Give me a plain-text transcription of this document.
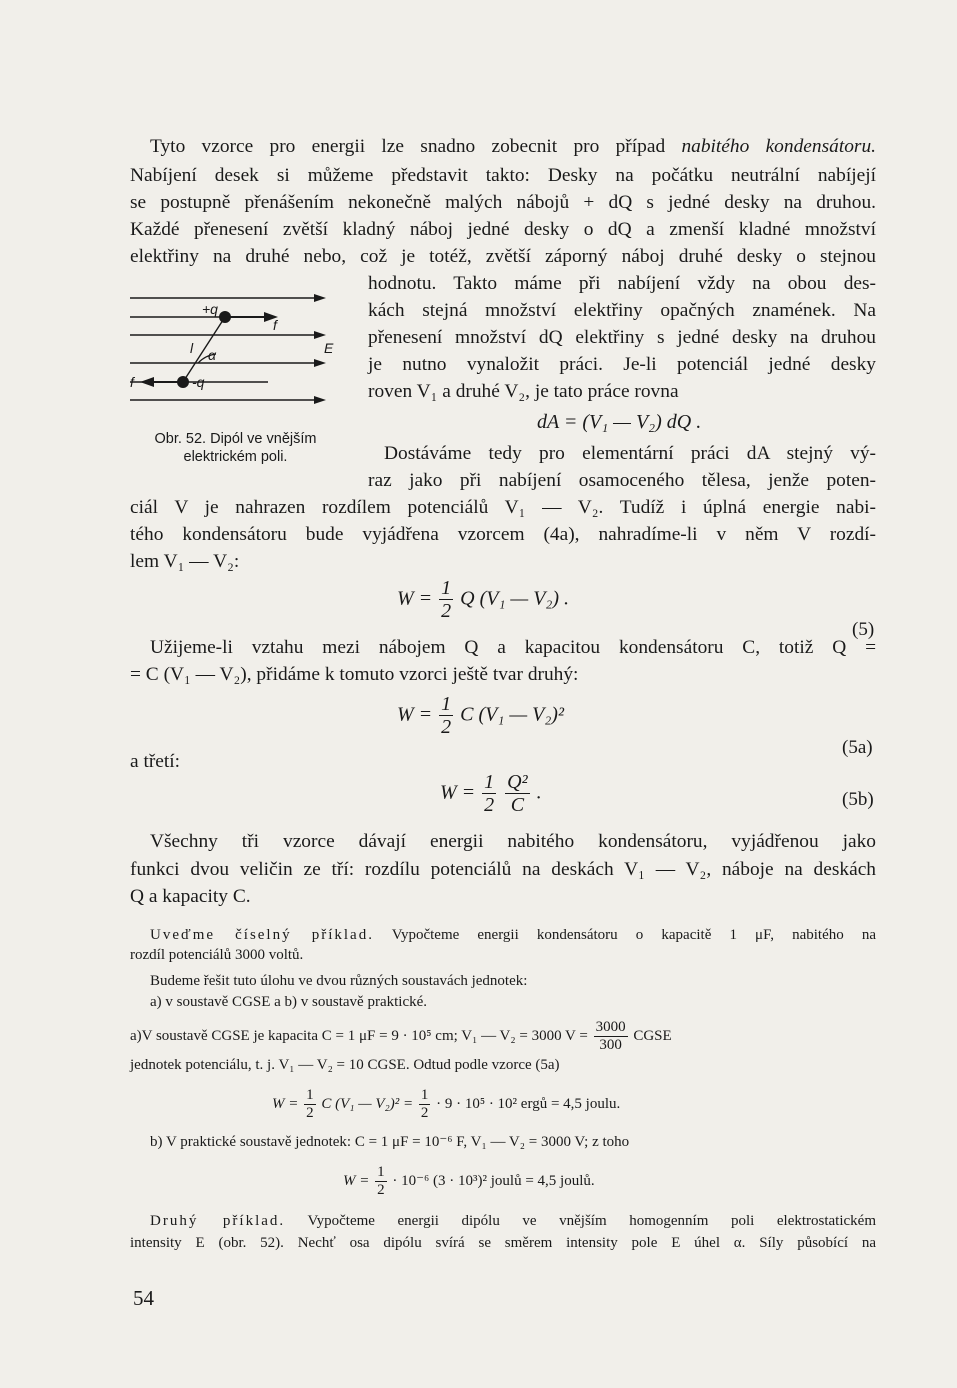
Tyto vzorce pro energii lze snadno zobecnit pro případ nabitého kondensátoru.
Nabíjení desek si můžeme představit takto: Desky na počátku neutrální nabíjejí
se postupně přenášením nekonečně malých nábojů + dQ s jedné desky na druhou.
Každé přenesení zvětší kladný náboj jedné desky o dQ a zmenší kladné množství
elektřiny na druhé nebo, což je totéž, zvětší záporný náboj druhé desky o stejnou
hodnotu. Takto máme při nabíjení vždy na obou des-
kách stejná množství elektřiny opačných znamének. Na
přenesení množství dQ elektřiny s jedné desky na druhou
je nutno vynaložit práci. Je-li potenciál jedné desky
roven V₁ a druhé V₂, je tato práce rovna
+q
f
l α	E
f	-q
Obr. 52. Dipól ve vnějším
elektrickém poli.
dA = (V₁ — V₂) dQ .
Dostáváme tedy pro elementární práci dA stejný vý-
raz jako při nabíjení osamoceného tělesa, jenže poten-
ciál V je nahrazen rozdílem potenciálů V₁ — V₂. Tudíž i úplná energie nabi-
tého kondensátoru bude vyjádřena vzorcem (4a), nahradíme-li v něm V rozdí-
lem V₁ — V₂:
$W = \frac{1}{2}$ Q (V₁ — V₂) .
(5)
Užijeme-li vztahu mezi nábojem Q a kapacitou kondensátoru C, totiž Q =
= C (V₁ — V₂), přidáme k tomuto vzorci ještě tvar druhý:
$W = \frac{1}{2}$ C (V₁ — V₂)²
(5a)
a třetí:
$W = \frac{1}{2}$
$\frac{\text{Q²}}{C}$ .	(5b)
Všechny tři vzorce dávají energii nabitého kondensátoru, vyjádřenou jako
funkci dvou veličin ze tří: rozdílu potenciálů na deskách V₁ — V₂, náboje na deskách
Q a kapacity C.
Uveďme číselný příklad. Vypočteme energii kondensátoru o kapacitě 1 μF, nabitého na
rozdíl potenciálů 3000 voltů.
Budeme řešit tuto úlohu ve dvou různých soustavách jednotek:
a) v soustavě CGSE a b) v soustavě praktické.
a)V soustavě CGSE je kapacita C = 1 μF = 9 · 10⁵ cm; V₁ — V₂ = 3000 $V = \frac{3000}{300}$ CGSE
jednotek potenciálu, t. j. V₁ — V₂ = 10 CGSE. Odtud podle vzorce (5a)
$W = \frac{1}{2}$ C (V₁ — $V_2)^2 = \frac{1}{2} \cdot 9 \cdot 10^5 \cdot 10^2$ ergů = 4,5 joulu.
b) V praktické soustavě jednotek: C = 1 μF = 10⁻⁶ F, V₁ — V₂ = 3000 V; z toho
$W = \frac{1}{2} \cdot 10^{-6}$ (3 · 10³)² joulů = 4,5 joulů.
Druhý příklad. Vypočteme energii dipólu ve vnějším homogenním poli elektrostatickém
intensity E (obr. 52). Nechť osa dipólu svírá se směrem intensity pole E úhel α. Síly působící na
54
